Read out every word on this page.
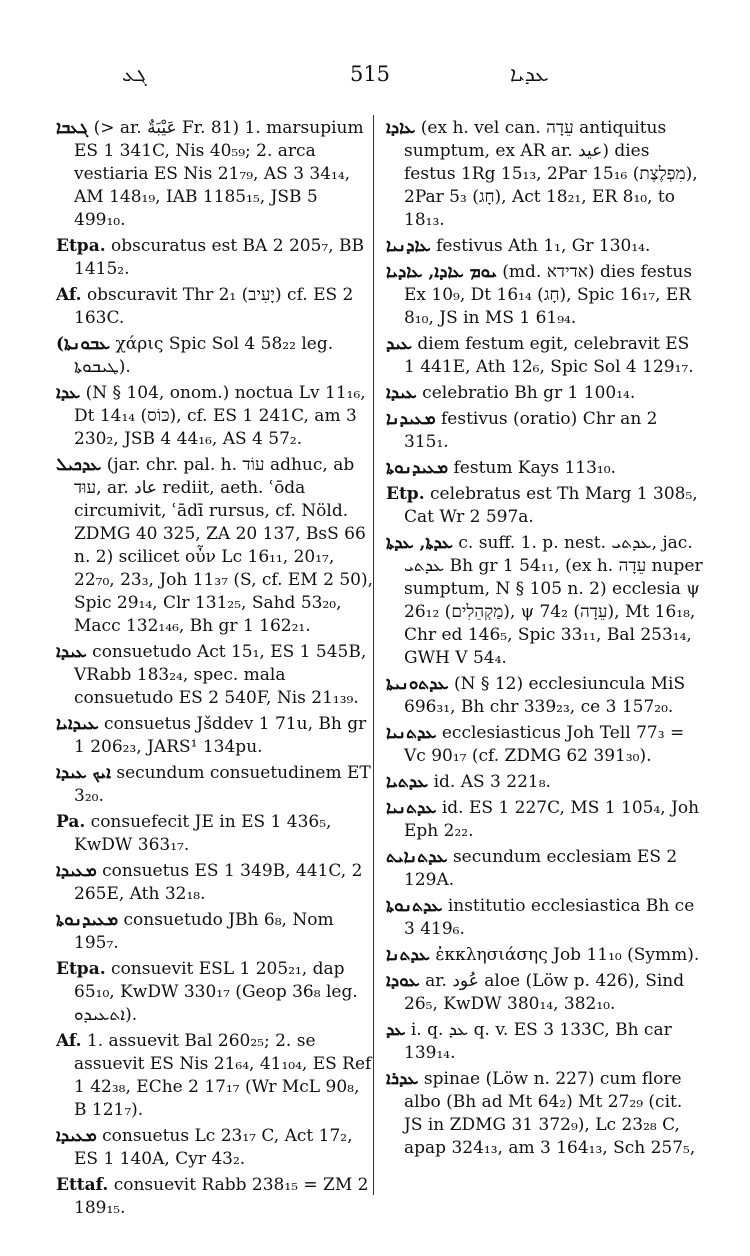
ܓܥ	515	ܥܕܝܐ

ܓܥܒܐ (> ar. عَيْبَةٌ Fr. 81) 1. marsupium ES 1 341C, Nis 40₅₉; 2. arca vestiaria ES Nis 21₇₉, AS 3 34₁₄, AM 148₁₉, IAB 1185₁₅, JSB 5 499₁₀.

Etpa. obscuratus est BA 2 205₇, BB 1415₂.

Af. obscuravit Thr 2₁ (יָעִיב) cf. ES 2 163C.

(ܥܒܘܢܬܐ χάρις Spic Sol 4 58₂₂ leg. ܛܝܒܘܬܐ).

ܥܕܐ (N § 104, onom.) noctua Lv 11₁₆, Dt 14₁₄ (כּוֹס), cf. ES 1 241C, am 3 230₂, JSB 4 44₁₆, AS 4 57₂.

ܥܕܟܝܠ (jar. chr. pal. h. עוֹד adhuc, ab עוּד, ar. عاد rediit, aeth. ʿōda circumivit, ʿādī rursus, cf. Nöld. ZDMG 40 325, ZA 20 137, BsS 66 n. 2) scilicet οὖν Lc 16₁₁, 20₁₇, 22₇₀, 23₃, Joh 11₃₇ (S, cf. EM 2 50), Spic 29₁₄, Clr 131₂₅, Sahd 53₂₀, Macc 132₁₄₆, Bh gr 1 162₂₁.

ܥܝܕܐ consuetudo Act 15₁, ES 1 545B, VRabb 183₂₄, spec. mala consuetudo ES 2 540F, Nis 21₁₃₉.

ܥܝܕܐܝܐ consuetus Jšddev 1 71u, Bh gr 1 206₂₃, JARS¹ 134pu.

ܐܝܟ ܥܝܕܐ secundum consuetudinem ET 3₂₀.

Pa. consuefecit JE in ES 1 436₅, KwDW 363₁₇.

ܡܥܝܕܐ consuetus ES 1 349B, 441C, 2 265E, Ath 32₁₈.

ܡܥܝܕܢܘܬܐ consuetudo JBh 6₈, Nom 195₇.

Etpa. consuevit ESL 1 205₂₁, dap 65₁₀, KwDW 330₁₇ (Geop 36₈ leg. ܐܬܥܝܕܘ).

Af. 1. assuevit Bal 260₂₅; 2. se assuevit ES Nis 21₆₄, 41₁₀₄, ES Ref 1 42₃₈, EChe 2 17₁₇ (Wr McL 90₈, B 121₇).

ܡܥܝܕܐ consuetus Lc 23₁₇ C, Act 17₂, ES 1 140A, Cyr 43₂.

Ettaf. consuevit Rabb 238₁₅ = ZM 2 189₁₅.

ܥܐܕܐ (ex h. vel can. עֵדָה antiquitus sumptum, ex AR ar. عيد) dies festus 1Rg 15₁₃, 2Par 15₁₆ (מִפְלֶצֶת), 2Par 5₃ (חָג), Act 18₂₁, ER 8₁₀, to 18₁₃.

ܥܐܕܢܝܐ festivus Ath 1₁, Gr 130₁₄.

ܝܘܡ ܥܐܕܐ, ܥܐܕܝܐ (md. אדידא) dies festus Ex 10₉, Dt 16₁₄ (חָג), Spic 16₁₇, ER 8₁₀, JS in MS 1 61₉₄.

ܥܝܕ diem festum egit, celebravit ES 1 441E, Ath 12₆, Spic Sol 4 129₁₇.

ܥܝܕܐ celebratio Bh gr 1 100₁₄.

ܡܥܝܕܢܐ festivus (oratio) Chr an 2 315₁.

ܡܥܝܕܢܘܬܐ festum Kays 113₁₀.

Etp. celebratus est Th Marg 1 308₅, Cat Wr 2 597a.

ܥܕܬܐ, ܥܕܬܐ c. suff. 1. p. nest. ܥܕܬܝ, jac. ܥܕܬܝ Bh gr 1 54₁₁, (ex h. עֵדָה nuper sumptum, N § 105 n. 2) ecclesia ψ 26₁₂ (מַקְהֵלִים), ψ 74₂ (עֵדָה), Mt 16₁₈, Chr ed 146₅, Spic 33₁₁, Bal 253₁₄, GWH V 54₄.

ܥܕܬܘܢܝܬܐ (N § 12) ecclesiuncula MiS 696₃₁, Bh chr 339₂₃, ce 3 157₂₀.

ܥܕܬܢܝܐ ecclesiasticus Joh Tell 77₃ = Vc 90₁₇ (cf. ZDMG 62 391₃₀).

ܥܕܬܝܐ id. AS 3 221₈.

ܥܕܬܢܝܐ id. ES 1 227C, MS 1 105₄, Joh Eph 2₂₂.

ܥܕܬܢܐܝܬ secundum ecclesiam ES 2 129A.

ܥܕܬܢܘܬܐ institutio ecclesiastica Bh ce 3 419₆.

ܥܕܬܢܐ ἐκκλησιάσης Job 11₁₀ (Symm).

ܥܘܕܐ ar. عُود aloe (Löw p. 426), Sind 26₅, KwDW 380₁₄, 382₁₀.

ܥܕ i. q. ܥܕ q. v. ES 3 133C, Bh car 139₁₄.

ܥܕܪܐ spinae (Löw n. 227) cum flore albo (Bh ad Mt 64₂) Mt 27₂₉ (cit. JS in ZDMG 31 372₉), Lc 23₂₈ C, apap 324₁₃, am 3 164₁₃, Sch 257₅,
